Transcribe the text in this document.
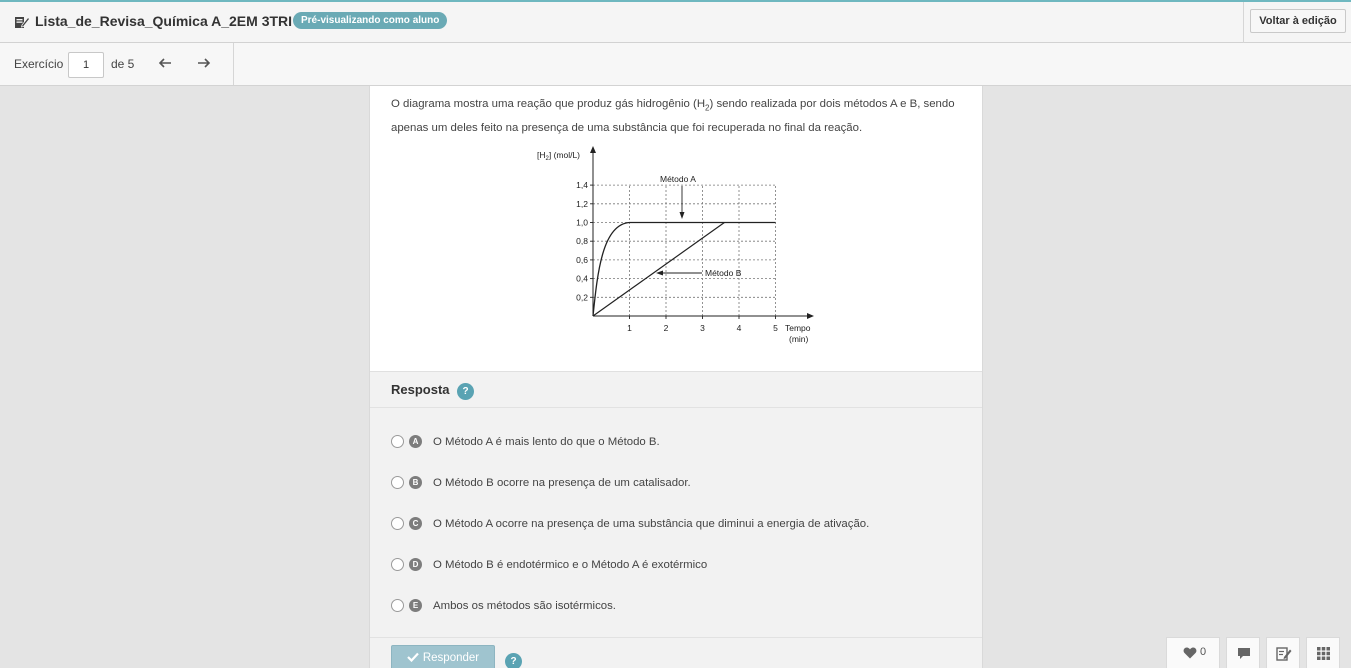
Lista_de_Revisa_Química A_2EM 3TRI Pré-visualizando como aluno	Voltar à edição
Exercício	1	de 5

O diagrama mostra uma reação que produz gás hidrogênio $(H_2)$ sendo realizada por dois métodos A e B, sendo apenas um deles feito na presença de uma substância que foi recuperada no final da reação.

0,2
0,4
0,6
0,8
1,0
1,2
1,4
1	2	3	4	5
$[H_2]$ (mol/L)
Tempo
(min)
Método A
Método B
Resposta	?
A	O Método A é mais lento do que o Método B.
B	O Método B ocorre na presença de um catalisador.
C	O Método A ocorre na presença de uma substância que diminui a energia de ativação.
D	O Método B é endotérmico e o Método A é exotérmico
E	Ambos os métodos são isotérmicos.
Responder	?
0
